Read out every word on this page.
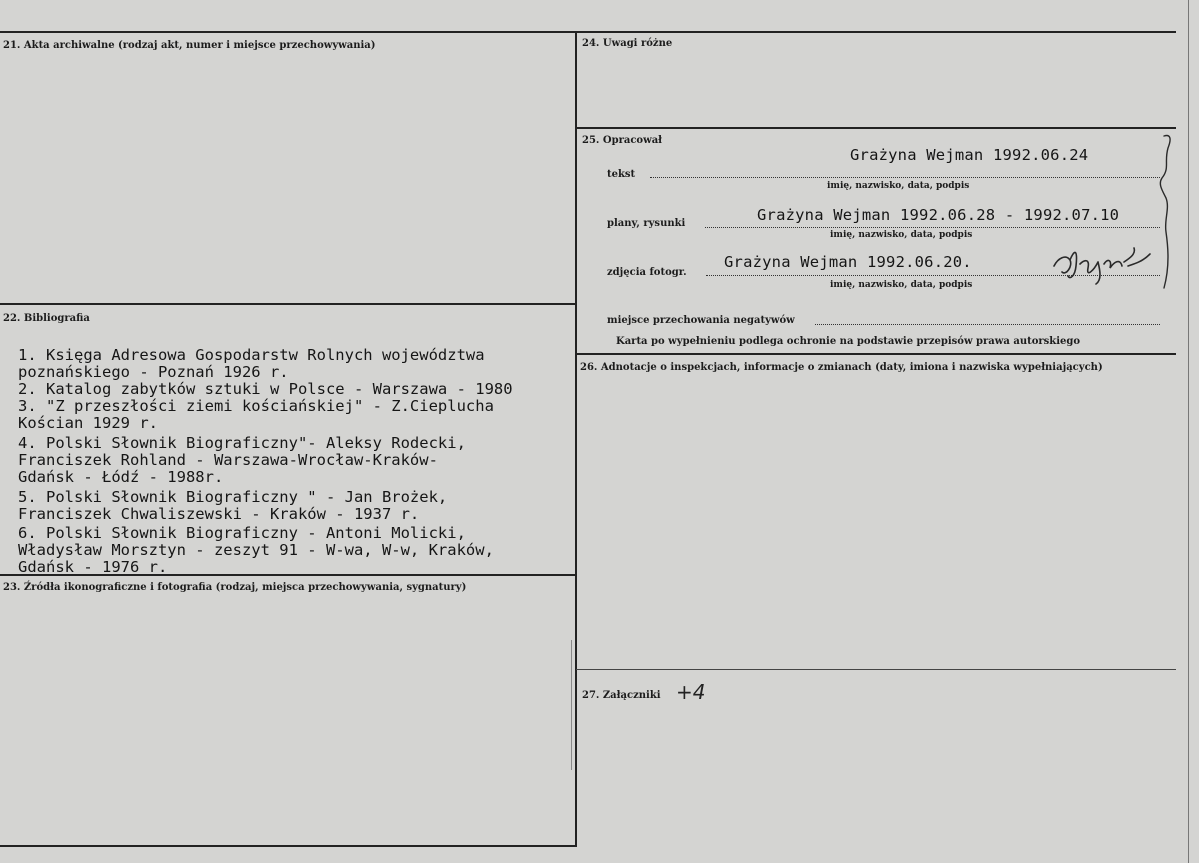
21. Akta archiwalne (rodzaj akt, numer i miejsce przechowywania)
22. Bibliografia
1. Księga Adresowa Gospodarstw Rolnych województwa
poznańskiego - Poznań 1926 r.
2. Katalog zabytków sztuki w Polsce - Warszawa - 1980
3. "Z przeszłości ziemi kościańskiej" - Z.Cieplucha
Kościan 1929 r.
4. Polski Słownik Biograficzny"- Aleksy Rodecki,
Franciszek Rohland - Warszawa-Wrocław-Kraków-
Gdańsk - Łódź - 1988r.
5. Polski Słownik Biograficzny " - Jan Brożek,
Franciszek Chwaliszewski - Kraków - 1937 r.
6. Polski Słownik Biograficzny - Antoni Molicki,
Władysław Morsztyn - zeszyt 91 - W-wa, W-w, Kraków,
Gdańsk - 1976 r.
23. Źródła ikonograficzne i fotografia (rodzaj, miejsca przechowywania, sygnatury)
24. Uwagi różne
25. Opracował
tekst
Grażyna Wejman 1992.06.24
imię, nazwisko, data, podpis
plany, rysunki	Grażyna Wejman 1992.06.28 - 1992.07.10
imię, nazwisko, data, podpis
zdjęcia fotogr.
Grażyna Wejman 1992.06.20.
imię, nazwisko, data, podpis
miejsce przechowania negatywów
Karta po wypełnieniu podlega ochronie na podstawie przepisów prawa autorskiego
26. Adnotacje o inspekcjach, informacje o zmianach (daty, imiona i nazwiska wypełniających)
27. Załączniki +4
